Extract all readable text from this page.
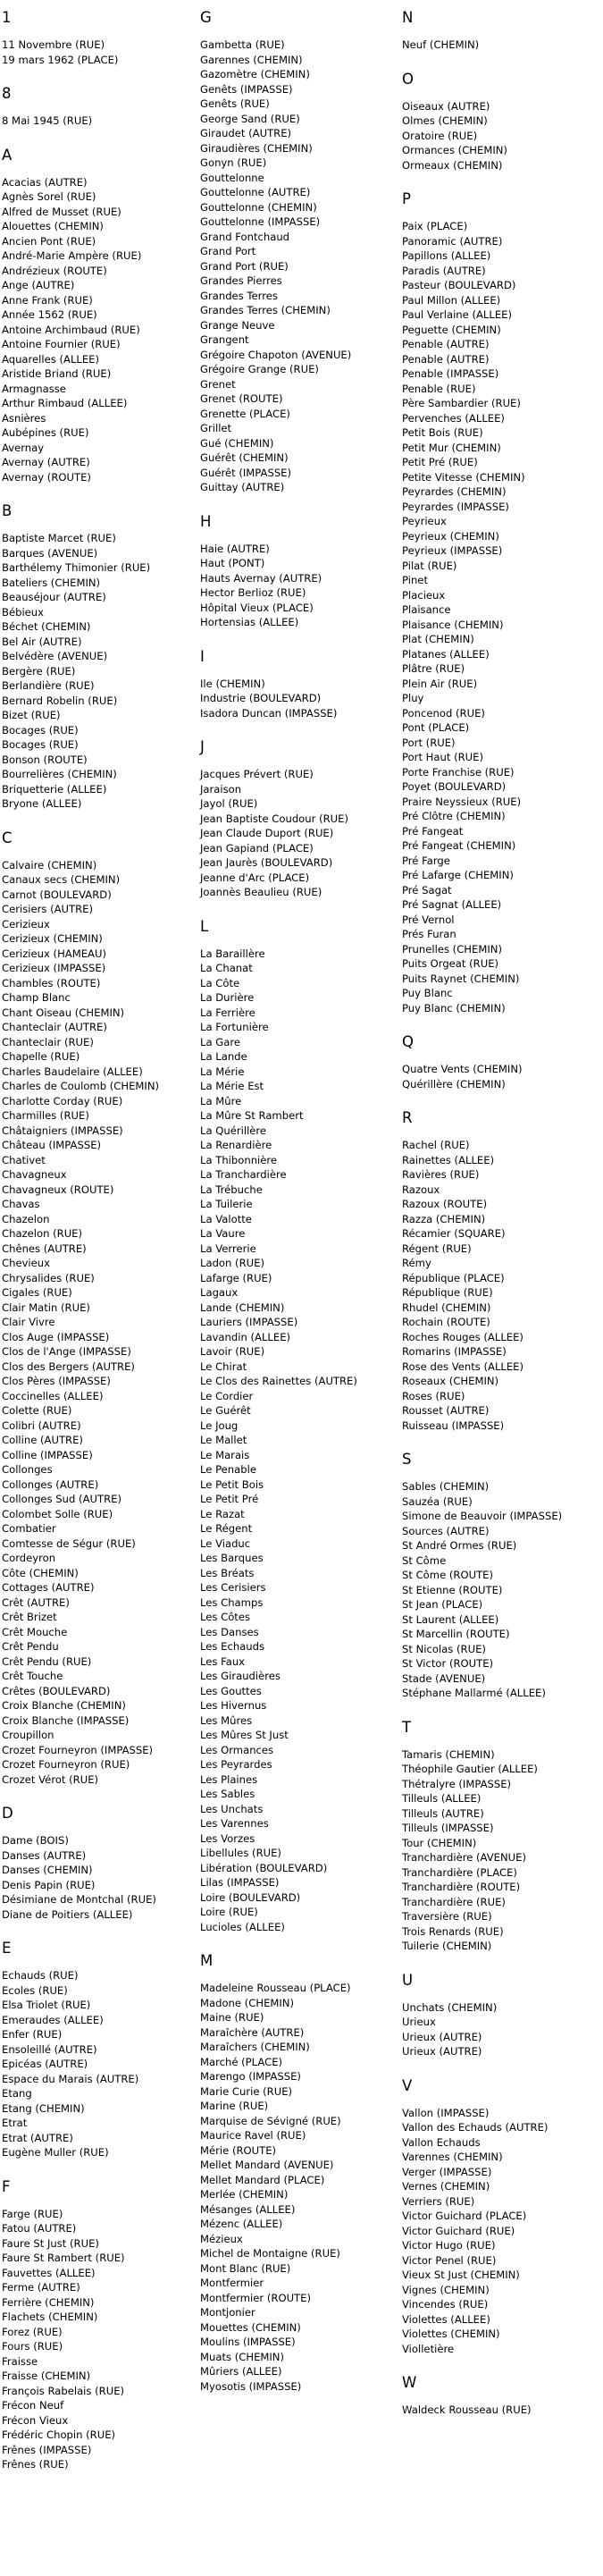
1
11 Novembre (RUE)
19 mars 1962 (PLACE)
8
8 Mai 1945 (RUE)
A
Acacias (AUTRE)
Agnès Sorel (RUE)
Alfred de Musset (RUE)
Alouettes (CHEMIN)
Ancien Pont (RUE)
André-Marie Ampère (RUE)
Andrézieux (ROUTE)
Ange (AUTRE)
Anne Frank (RUE)
Année 1562 (RUE)
Antoine Archimbaud (RUE)
Antoine Fournier (RUE)
Aquarelles (ALLEE)
Aristide Briand (RUE)
Armagnasse
Arthur Rimbaud (ALLEE)
Asnières
Aubépines (RUE)
Avernay
Avernay (AUTRE)
Avernay (ROUTE)
B
Baptiste Marcet (RUE)
Barques (AVENUE)
Barthélemy Thimonier (RUE)
Bateliers (CHEMIN)
Beauséjour (AUTRE)
Bébieux
Béchet (CHEMIN)
Bel Air (AUTRE)
Belvédère (AVENUE)
Bergère (RUE)
Berlandière (RUE)
Bernard Robelin (RUE)
Bizet (RUE)
Bocages (RUE)
Bocages (RUE)
Bonson (ROUTE)
Bourrelières (CHEMIN)
Briquetterie (ALLEE)
Bryone (ALLEE)
C
Calvaire (CHEMIN)
Canaux secs (CHEMIN)
Carnot (BOULEVARD)
Cerisiers (AUTRE)
Cerizieux
Cerizieux (CHEMIN)
Cerizieux (HAMEAU)
Cerizieux (IMPASSE)
Chambles (ROUTE)
Champ Blanc
Chant Oiseau (CHEMIN)
Chanteclair (AUTRE)
Chanteclair (RUE)
Chapelle (RUE)
Charles Baudelaire (ALLEE)
Charles de Coulomb (CHEMIN)
Charlotte Corday (RUE)
Charmilles (RUE)
Châtaigniers (IMPASSE)
Château (IMPASSE)
Chativet
Chavagneux
Chavagneux (ROUTE)
Chavas
Chazelon
Chazelon (RUE)
Chênes (AUTRE)
Chevieux
Chrysalides (RUE)
Cigales (RUE)
Clair Matin (RUE)
Clair Vivre
Clos Auge (IMPASSE)
Clos de l'Ange (IMPASSE)
Clos des Bergers (AUTRE)
Clos Pères (IMPASSE)
Coccinelles (ALLEE)
Colette (RUE)
Colibri (AUTRE)
Colline (AUTRE)
Colline (IMPASSE)
Collonges
Collonges (AUTRE)
Collonges Sud (AUTRE)
Colombet Solle (RUE)
Combatier
Comtesse de Ségur (RUE)
Cordeyron
Côte (CHEMIN)
Cottages (AUTRE)
Crêt (AUTRE)
Crêt Brizet
Crêt Mouche
Crêt Pendu
Crêt Pendu (RUE)
Crêt Touche
Crêtes (BOULEVARD)
Croix Blanche (CHEMIN)
Croix Blanche (IMPASSE)
Croupillon
Crozet Fourneyron (IMPASSE)
Crozet Fourneyron (RUE)
Crozet Vérot (RUE)
D
Dame (BOIS)
Danses (AUTRE)
Danses (CHEMIN)
Denis Papin (RUE)
Désimiane de Montchal (RUE)
Diane de Poitiers (ALLEE)
E
Echauds (RUE)
Ecoles (RUE)
Elsa Triolet (RUE)
Emeraudes (ALLEE)
Enfer (RUE)
Ensoleillé (AUTRE)
Epicéas (AUTRE)
Espace du Marais (AUTRE)
Etang
Etang (CHEMIN)
Etrat
Etrat (AUTRE)
Eugène Muller (RUE)
F
Farge (RUE)
Fatou (AUTRE)
Faure St Just (RUE)
Faure St Rambert (RUE)
Fauvettes (ALLEE)
Ferme (AUTRE)
Ferrière (CHEMIN)
Flachets (CHEMIN)
Forez (RUE)
Fours (RUE)
Fraisse
Fraisse (CHEMIN)
François Rabelais (RUE)
Frécon Neuf
Frécon Vieux
Frédéric Chopin (RUE)
Frênes (IMPASSE)
Frênes (RUE)
G
Gambetta (RUE)
Garennes (CHEMIN)
Gazomètre (CHEMIN)
Genêts (IMPASSE)
Genêts (RUE)
George Sand (RUE)
Giraudet (AUTRE)
Giraudières (CHEMIN)
Gonyn (RUE)
Gouttelonne
Gouttelonne (AUTRE)
Gouttelonne (CHEMIN)
Gouttelonne (IMPASSE)
Grand Fontchaud
Grand Port
Grand Port (RUE)
Grandes Pierres
Grandes Terres
Grandes Terres (CHEMIN)
Grange Neuve
Grangent
Grégoire Chapoton (AVENUE)
Grégoire Grange (RUE)
Grenet
Grenet (ROUTE)
Grenette (PLACE)
Grillet
Gué (CHEMIN)
Guérêt (CHEMIN)
Guérêt (IMPASSE)
Guittay (AUTRE)
H
Haie (AUTRE)
Haut (PONT)
Hauts Avernay (AUTRE)
Hector Berlioz (RUE)
Hôpital Vieux (PLACE)
Hortensias (ALLEE)
I
Ile (CHEMIN)
Industrie (BOULEVARD)
Isadora Duncan (IMPASSE)
J
Jacques Prévert (RUE)
Jaraison
Jayol (RUE)
Jean Baptiste Coudour (RUE)
Jean Claude Duport (RUE)
Jean Gapiand (PLACE)
Jean Jaurès (BOULEVARD)
Jeanne d'Arc (PLACE)
Joannès Beaulieu (RUE)
L
La Baraillère
La Chanat
La Côte
La Durière
La Ferrière
La Fortunière
La Gare
La Lande
La Mérie
La Mérie Est
La Mûre
La Mûre St Rambert
La Quérillère
La Renardière
La Thibonnière
La Tranchardière
La Trébuche
La Tuilerie
La Valotte
La Vaure
La Verrerie
Ladon (RUE)
Lafarge (RUE)
Lagaux
Lande (CHEMIN)
Lauriers (IMPASSE)
Lavandin (ALLEE)
Lavoir (RUE)
Le Chirat
Le Clos des Rainettes (AUTRE)
Le Cordier
Le Guérêt
Le Joug
Le Mallet
Le Marais
Le Penable
Le Petit Bois
Le Petit Pré
Le Razat
Le Régent
Le Viaduc
Les Barques
Les Bréats
Les Cerisiers
Les Champs
Les Côtes
Les Danses
Les Echauds
Les Faux
Les Giraudières
Les Gouttes
Les Hivernus
Les Mûres
Les Mûres St Just
Les Ormances
Les Peyrardes
Les Plaines
Les Sables
Les Unchats
Les Varennes
Les Vorzes
Libellules (RUE)
Libération (BOULEVARD)
Lilas (IMPASSE)
Loire (BOULEVARD)
Loire (RUE)
Lucioles (ALLEE)
M
Madeleine Rousseau (PLACE)
Madone (CHEMIN)
Maine (RUE)
Maraîchère (AUTRE)
Maraîchers (CHEMIN)
Marché (PLACE)
Marengo (IMPASSE)
Marie Curie (RUE)
Marine (RUE)
Marquise de Sévigné (RUE)
Maurice Ravel (RUE)
Mérie (ROUTE)
Mellet Mandard (AVENUE)
Mellet Mandard (PLACE)
Merlée (CHEMIN)
Mésanges (ALLEE)
Mézenc (ALLEE)
Mézieux
Michel de Montaigne (RUE)
Mont Blanc (RUE)
Montfermier
Montfermier (ROUTE)
Montjonier
Mouettes (CHEMIN)
Moulins (IMPASSE)
Muats (CHEMIN)
Mûriers (ALLEE)
Myosotis (IMPASSE)
N
Neuf (CHEMIN)
O
Oiseaux (AUTRE)
Olmes (CHEMIN)
Oratoire (RUE)
Ormances (CHEMIN)
Ormeaux (CHEMIN)
P
Paix (PLACE)
Panoramic (AUTRE)
Papillons (ALLEE)
Paradis (AUTRE)
Pasteur (BOULEVARD)
Paul Millon (ALLEE)
Paul Verlaine (ALLEE)
Peguette (CHEMIN)
Penable (AUTRE)
Penable (AUTRE)
Penable (IMPASSE)
Penable (RUE)
Père Sambardier (RUE)
Pervenches (ALLEE)
Petit Bois (RUE)
Petit Mur (CHEMIN)
Petit Pré (RUE)
Petite Vitesse (CHEMIN)
Peyrardes (CHEMIN)
Peyrardes (IMPASSE)
Peyrieux
Peyrieux (CHEMIN)
Peyrieux (IMPASSE)
Pilat (RUE)
Pinet
Placieux
Plaisance
Plaisance (CHEMIN)
Plat (CHEMIN)
Platanes (ALLEE)
Plâtre (RUE)
Plein Air (RUE)
Pluy
Poncenod (RUE)
Pont (PLACE)
Port (RUE)
Port Haut (RUE)
Porte Franchise (RUE)
Poyet (BOULEVARD)
Praire Neyssieux (RUE)
Pré Clôtre (CHEMIN)
Pré Fangeat
Pré Fangeat (CHEMIN)
Pré Farge
Pré Lafarge (CHEMIN)
Pré Sagat
Pré Sagnat (ALLEE)
Pré Vernol
Prés Furan
Prunelles (CHEMIN)
Puits Orgeat (RUE)
Puits Raynet (CHEMIN)
Puy Blanc
Puy Blanc (CHEMIN)
Q
Quatre Vents (CHEMIN)
Quérillère (CHEMIN)
R
Rachel (RUE)
Rainettes (ALLEE)
Ravières (RUE)
Razoux
Razoux (ROUTE)
Razza (CHEMIN)
Récamier (SQUARE)
Régent (RUE)
Rémy
République (PLACE)
République (RUE)
Rhudel (CHEMIN)
Rochain (ROUTE)
Roches Rouges (ALLEE)
Romarins (IMPASSE)
Rose des Vents (ALLEE)
Roseaux (CHEMIN)
Roses (RUE)
Rousset (AUTRE)
Ruisseau (IMPASSE)
S
Sables (CHEMIN)
Sauzéa (RUE)
Simone de Beauvoir (IMPASSE)
Sources (AUTRE)
St André Ormes (RUE)
St Côme
St Côme (ROUTE)
St Etienne (ROUTE)
St Jean (PLACE)
St Laurent (ALLEE)
St Marcellin (ROUTE)
St Nicolas (RUE)
St Victor (ROUTE)
Stade (AVENUE)
Stéphane Mallarmé (ALLEE)
T
Tamaris (CHEMIN)
Théophile Gautier (ALLEE)
Thétralyre (IMPASSE)
Tilleuls (ALLEE)
Tilleuls (AUTRE)
Tilleuls (IMPASSE)
Tour (CHEMIN)
Tranchardière (AVENUE)
Tranchardière (PLACE)
Tranchardière (ROUTE)
Tranchardière (RUE)
Traversière (RUE)
Trois Renards (RUE)
Tuilerie (CHEMIN)
U
Unchats (CHEMIN)
Urieux
Urieux (AUTRE)
Urieux (AUTRE)
V
Vallon (IMPASSE)
Vallon des Echauds (AUTRE)
Vallon Echauds
Varennes (CHEMIN)
Verger (IMPASSE)
Vernes (CHEMIN)
Verriers (RUE)
Victor Guichard (PLACE)
Victor Guichard (RUE)
Victor Hugo (RUE)
Victor Penel (RUE)
Vieux St Just (CHEMIN)
Vignes (CHEMIN)
Vincendes (RUE)
Violettes (ALLEE)
Violettes (CHEMIN)
Violletière
W
Waldeck Rousseau (RUE)
